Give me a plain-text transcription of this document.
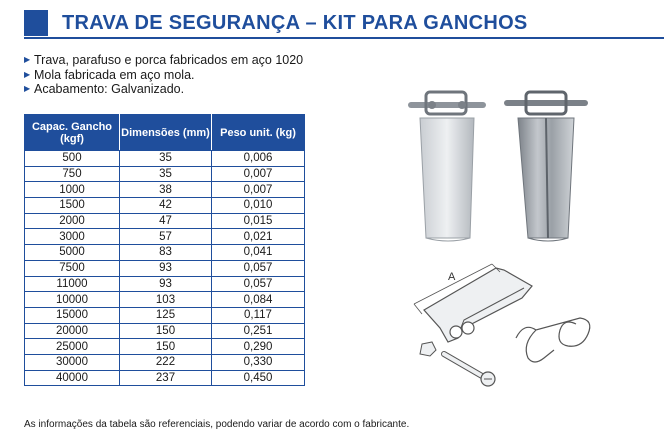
TRAVA DE SEGURANÇA – KIT PARA GANCHOS
▶ Trava, parafuso e porca fabricados em aço 1020
▶ Mola fabricada em aço mola.
▶ Acabamento: Galvanizado.
Capac. Gancho (kgf)	Dimensões (mm)	Peso unit. (kg)
500	35	0,006
750	35	0,007
1000	38	0,007
1500	42	0,010
2000	47	0,015
3000	57	0,021
5000	83	0,041
7500	93	0,057
11000	93	0,057
10000	103	0,084
15000	125	0,117
20000	150	0,251
25000	150	0,290
30000	222	0,330
40000	237	0,450
A
As informações da tabela são referenciais, podendo variar de acordo com o fabricante.
